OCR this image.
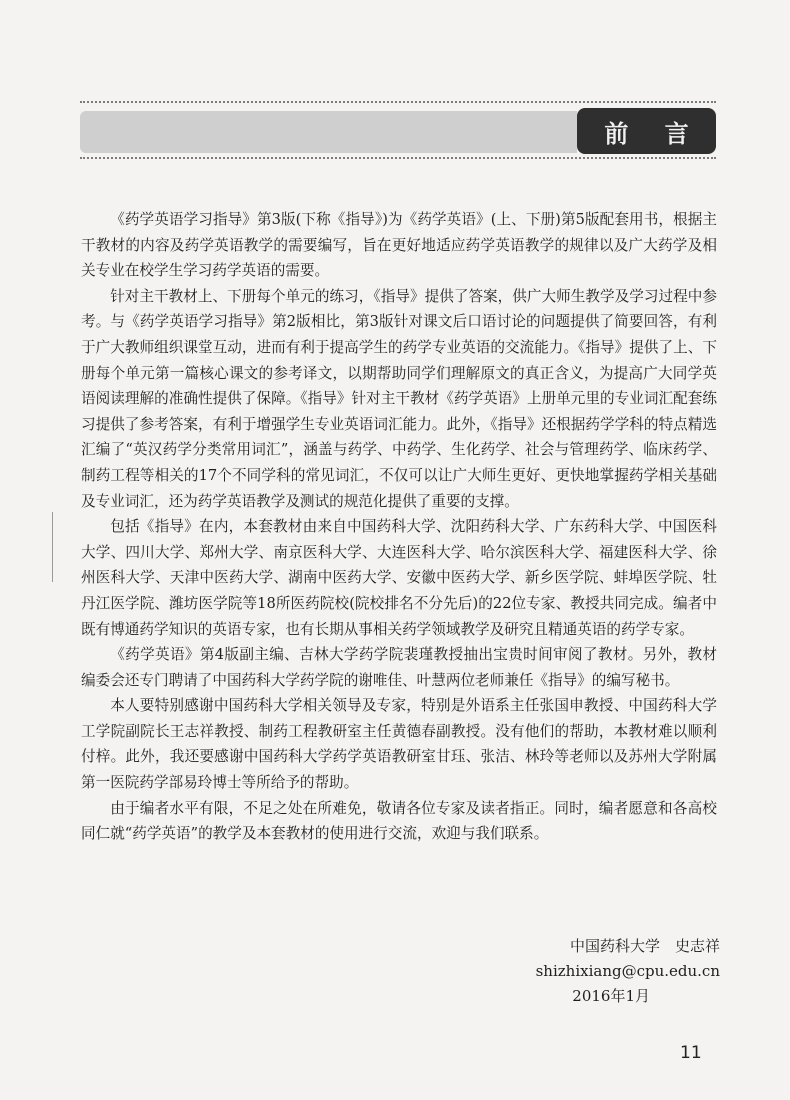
前 言

《药学英语学习指导》第3版(下称《指导》)为《药学英语》(上、下册)第5版配套用书，根据主干教材的内容及药学英语教学的需要编写，旨在更好地适应药学英语教学的规律以及广大药学及相关专业在校学生学习药学英语的需要。

针对主干教材上、下册每个单元的练习，《指导》提供了答案，供广大师生教学及学习过程中参考。与《药学英语学习指导》第2版相比，第3版针对课文后口语讨论的问题提供了简要回答，有利于广大教师组织课堂互动，进而有利于提高学生的药学专业英语的交流能力。《指导》提供了上、下册每个单元第一篇核心课文的参考译文，以期帮助同学们理解原文的真正含义，为提高广大同学英语阅读理解的准确性提供了保障。《指导》针对主干教材《药学英语》上册单元里的专业词汇配套练习提供了参考答案，有利于增强学生专业英语词汇能力。此外，《指导》还根据药学学科的特点精选汇编了“英汉药学分类常用词汇”，涵盖与药学、中药学、生化药学、社会与管理药学、临床药学、制药工程等相关的17个不同学科的常见词汇，不仅可以让广大师生更好、更快地掌握药学相关基础及专业词汇，还为药学英语教学及测试的规范化提供了重要的支撑。

包括《指导》在内，本套教材由来自中国药科大学、沈阳药科大学、广东药科大学、中国医科大学、四川大学、郑州大学、南京医科大学、大连医科大学、哈尔滨医科大学、福建医科大学、徐州医科大学、天津中医药大学、湖南中医药大学、安徽中医药大学、新乡医学院、蚌埠医学院、牡丹江医学院、潍坊医学院等18所医药院校(院校排名不分先后)的22位专家、教授共同完成。编者中既有博通药学知识的英语专家，也有长期从事相关药学领域教学及研究且精通英语的药学专家。

《药学英语》第4版副主编、吉林大学药学院裴瑾教授抽出宝贵时间审阅了教材。另外，教材编委会还专门聘请了中国药科大学药学院的谢唯佳、叶慧两位老师兼任《指导》的编写秘书。

本人要特别感谢中国药科大学相关领导及专家，特别是外语系主任张国申教授、中国药科大学工学院副院长王志祥教授、制药工程教研室主任黄德春副教授。没有他们的帮助，本教材难以顺利付梓。此外，我还要感谢中国药科大学药学英语教研室甘珏、张洁、林玲等老师以及苏州大学附属第一医院药学部易玲博士等所给予的帮助。

由于编者水平有限，不足之处在所难免，敬请各位专家及读者指正。同时，编者愿意和各高校同仁就“药学英语”的教学及本套教材的使用进行交流，欢迎与我们联系。

中国药科大学　史志祥
shizhixiang@cpu.edu.cn
2016年1月
11
